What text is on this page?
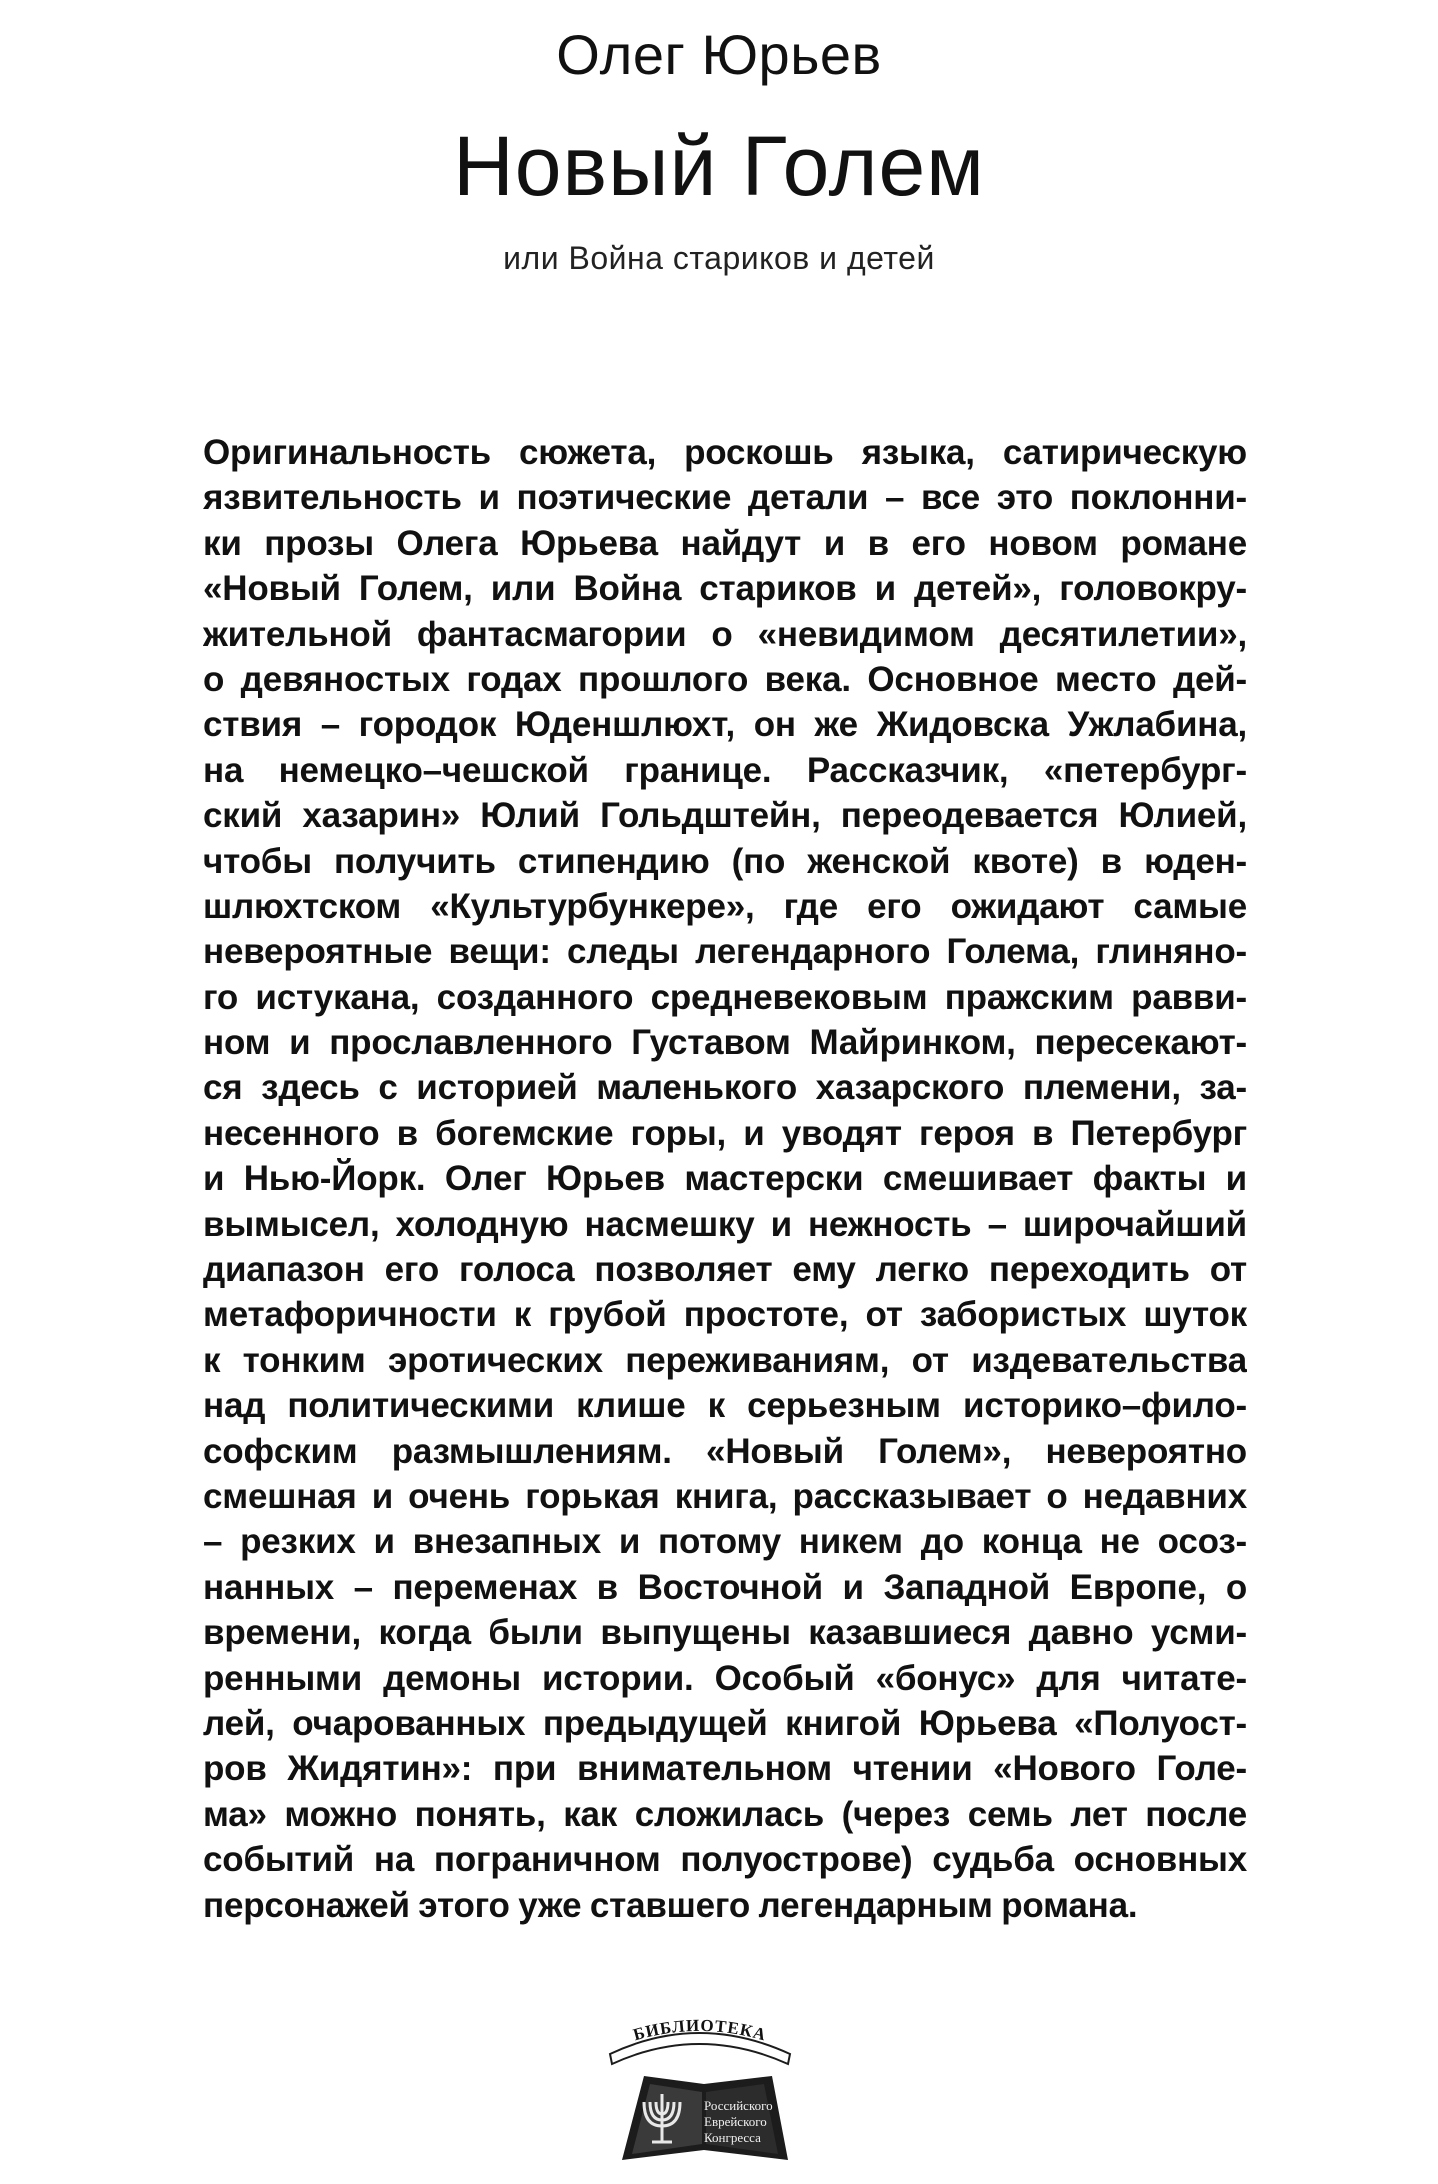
Олег Юрьев
Новый Голем
или Война стариков и детей
Оригинальность сюжета, роскошь языка, сатирическую
язвительность и поэтические детали – все это поклонни-
ки прозы Олега Юрьева найдут и в его новом романе
«Новый Голем, или Война стариков и детей», головокру-
жительной фантасмагории о «невидимом десятилетии»,
о девяностых годах прошлого века. Основное место дей-
ствия – городок Юденшлюхт, он же Жидовска Ужлабина,
на немецко–чешской границе. Рассказчик, «петербург-
ский хазарин» Юлий Гольдштейн, переодевается Юлией,
чтобы получить стипендию (по женской квоте) в юден-
шлюхтском «Культурбункере», где его ожидают самые
невероятные вещи: следы легендарного Голема, глиняно-
го истукана, созданного средневековым пражским равви-
ном и прославленного Густавом Майринком, пересекают-
ся здесь с историей маленького хазарского племени, за-
несенного в богемские горы, и уводят героя в Петербург
и Нью-Йорк. Олег Юрьев мастерски смешивает факты и
вымысел, холодную насмешку и нежность – широчайший
диапазон его голоса позволяет ему легко переходить от
метафоричности к грубой простоте, от забористых шуток
к тонким эротических переживаниям, от издевательства
над политическими клише к серьезным историко–фило-
софским размышлениям. «Новый Голем», невероятно
смешная и очень горькая книга, рассказывает о недавних
– резких и внезапных и потому никем до конца не осоз-
нанных – переменах в Восточной и Западной Европе, о
времени, когда были выпущены казавшиеся давно усми-
ренными демоны истории. Особый «бонус» для читате-
лей, очарованных предыдущей книгой Юрьева «Полуост-
ров Жидятин»: при внимательном чтении «Нового Голе-
ма» можно понять, как сложилась (через семь лет после
событий на пограничном полуострове) судьба основных
персонажей этого уже ставшего легендарным романа.
БИБЛИОТЕКА
Российского
Еврейского
Конгресса
